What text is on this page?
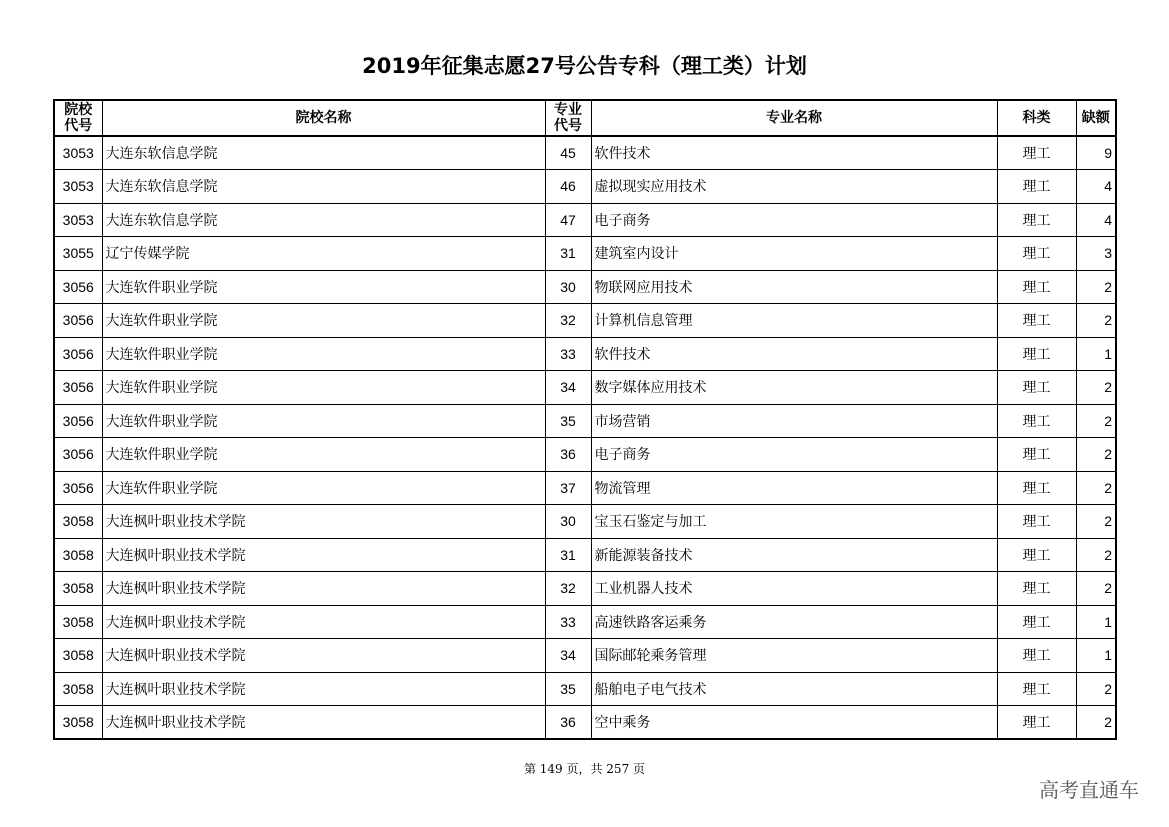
2019年征集志愿27号公告专科（理工类）计划
院校代号	院校名称	专业代号	专业名称	科类	缺额
3053	大连东软信息学院	45	软件技术	理工	9
3053	大连东软信息学院	46	虚拟现实应用技术	理工	4
3053	大连东软信息学院	47	电子商务	理工	4
3055	辽宁传媒学院	31	建筑室内设计	理工	3
3056	大连软件职业学院	30	物联网应用技术	理工	2
3056	大连软件职业学院	32	计算机信息管理	理工	2
3056	大连软件职业学院	33	软件技术	理工	1
3056	大连软件职业学院	34	数字媒体应用技术	理工	2
3056	大连软件职业学院	35	市场营销	理工	2
3056	大连软件职业学院	36	电子商务	理工	2
3056	大连软件职业学院	37	物流管理	理工	2
3058	大连枫叶职业技术学院	30	宝玉石鉴定与加工	理工	2
3058	大连枫叶职业技术学院	31	新能源装备技术	理工	2
3058	大连枫叶职业技术学院	32	工业机器人技术	理工	2
3058	大连枫叶职业技术学院	33	高速铁路客运乘务	理工	1
3058	大连枫叶职业技术学院	34	国际邮轮乘务管理	理工	1
3058	大连枫叶职业技术学院	35	船舶电子电气技术	理工	2
3058	大连枫叶职业技术学院	36	空中乘务	理工	2
第 149 页，共 257 页
高考直通车
